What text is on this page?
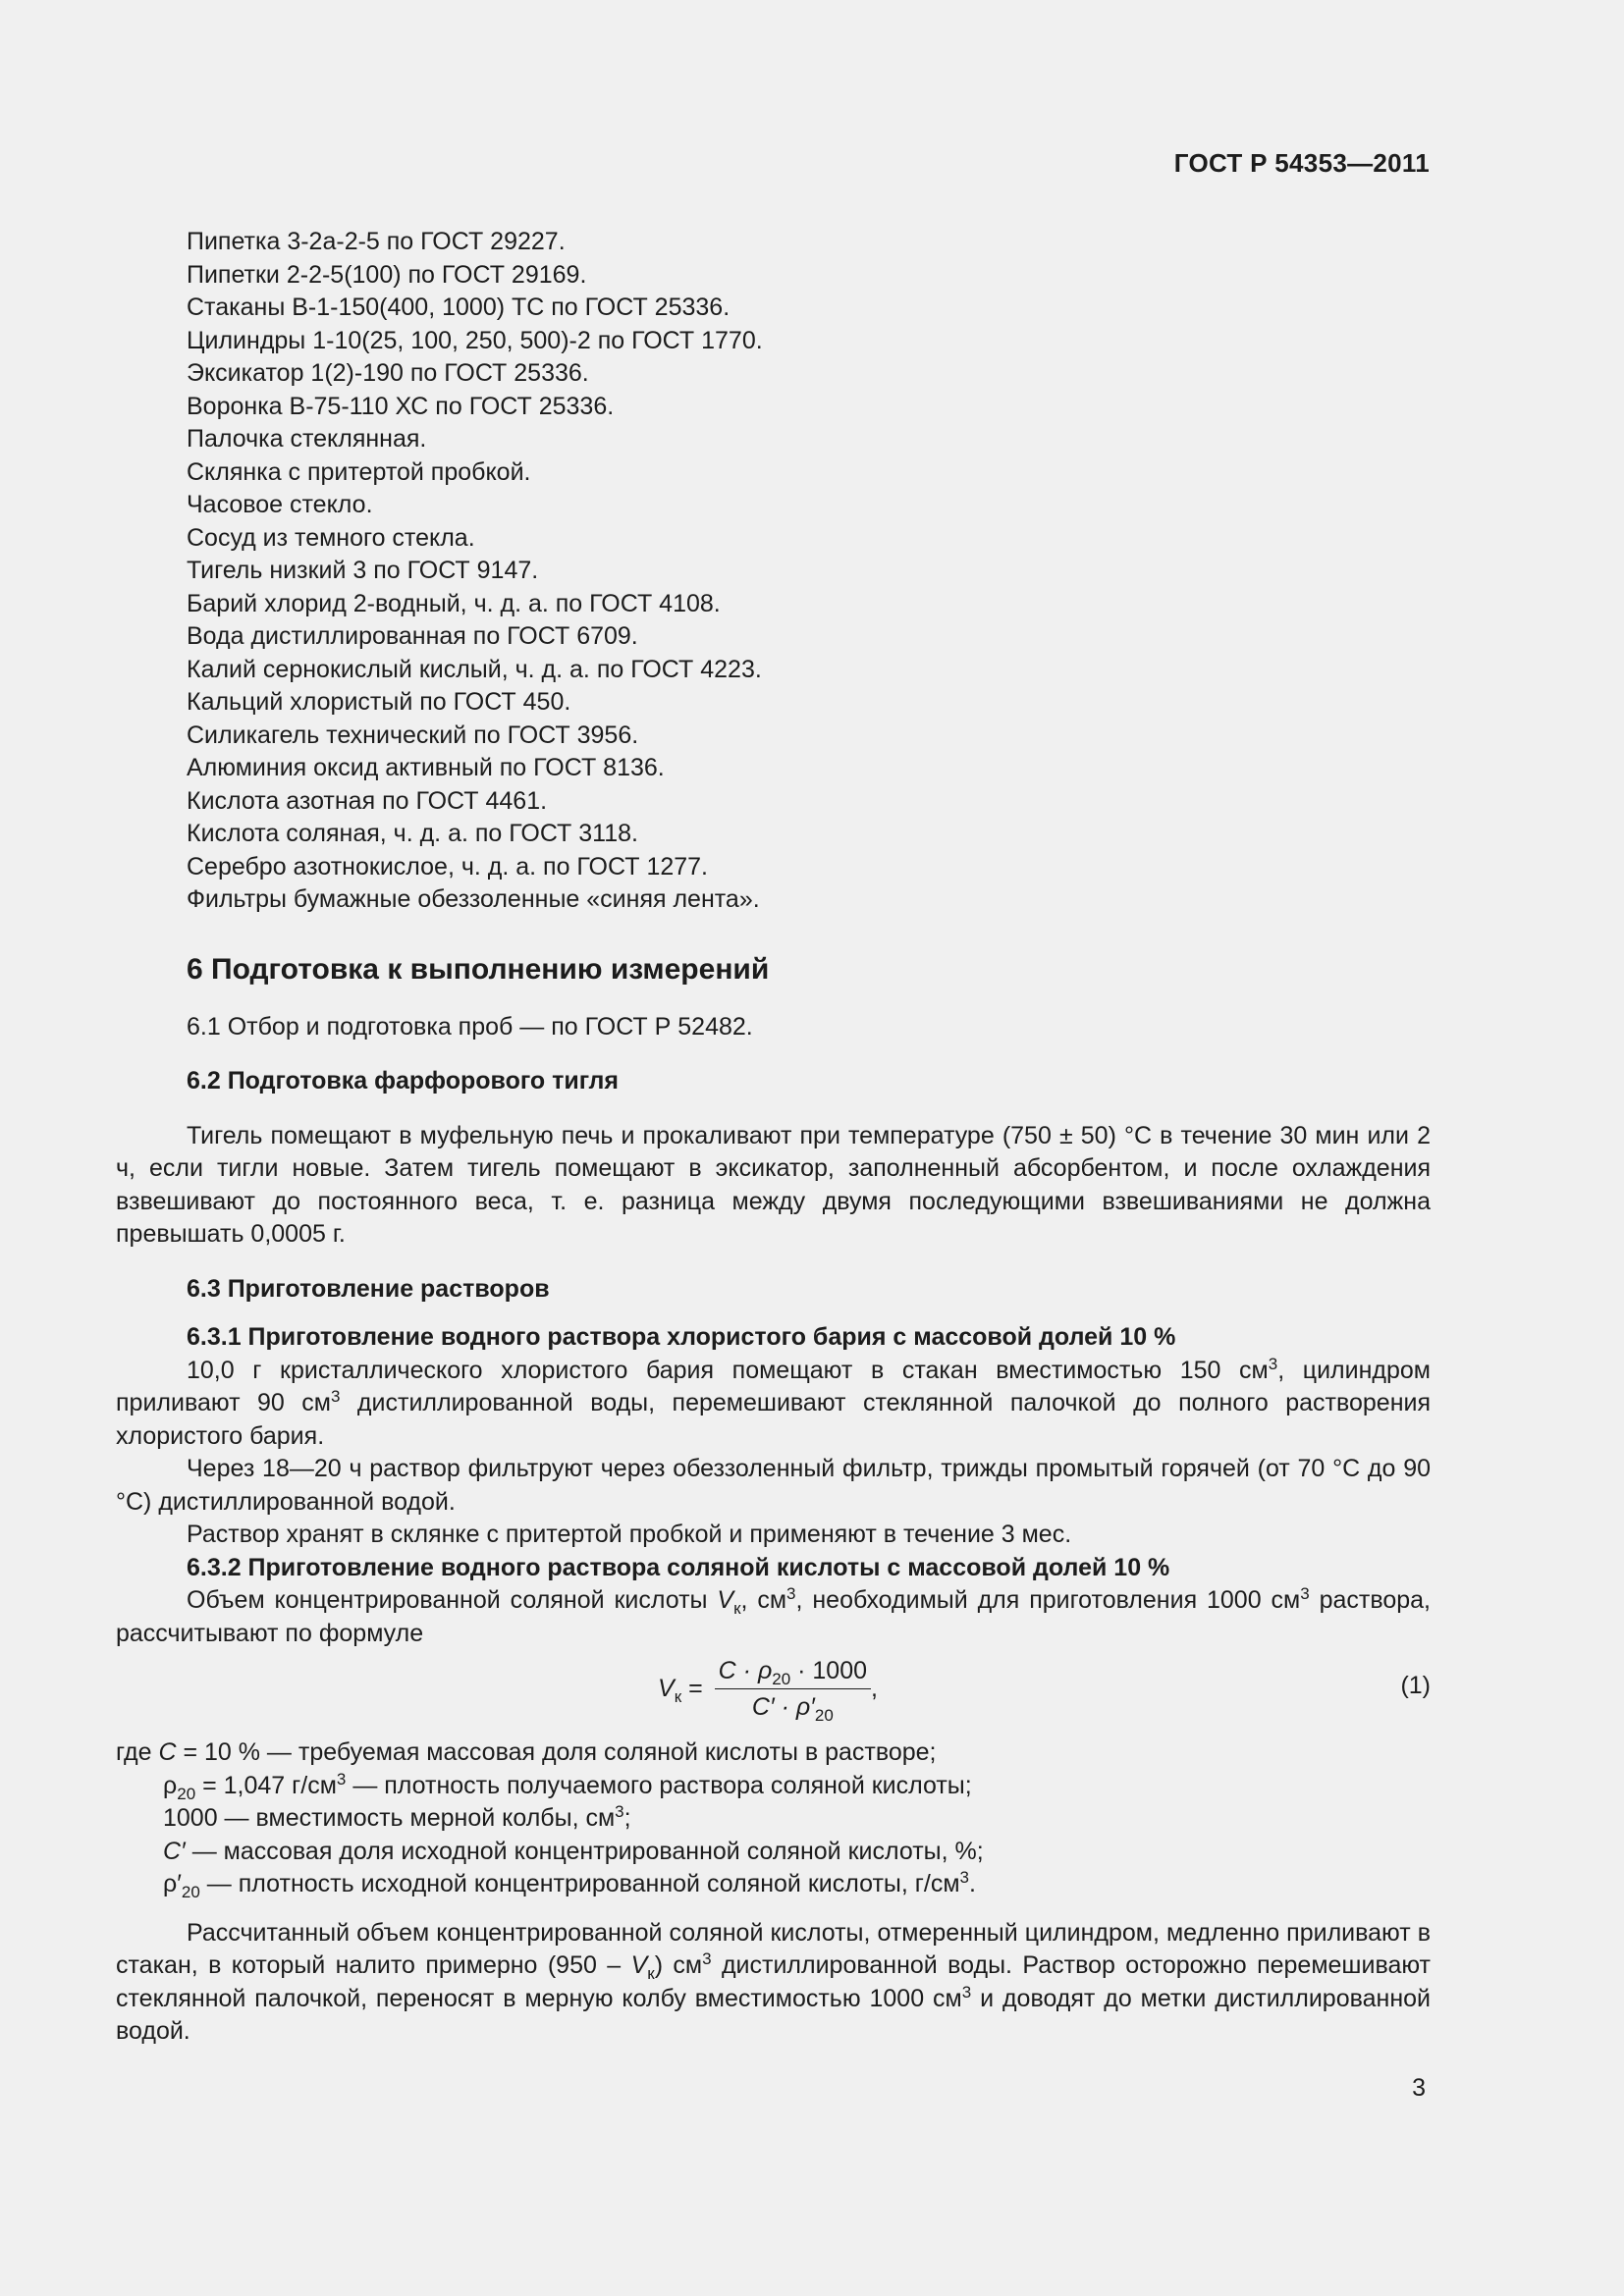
ГОСТ Р 54353—2011
Пипетка 3-2а-2-5 по ГОСТ 29227.
Пипетки 2-2-5(100) по ГОСТ 29169.
Стаканы В-1-150(400, 1000) ТС по ГОСТ 25336.
Цилиндры 1-10(25, 100, 250, 500)-2 по ГОСТ 1770.
Эксикатор 1(2)-190 по ГОСТ 25336.
Воронка В-75-110 ХС по ГОСТ 25336.
Палочка стеклянная.
Склянка с притертой пробкой.
Часовое стекло.
Сосуд из темного стекла.
Тигель низкий 3 по ГОСТ 9147.
Барий хлорид 2-водный, ч. д. а. по ГОСТ 4108.
Вода дистиллированная по ГОСТ 6709.
Калий сернокислый кислый, ч. д. а. по ГОСТ 4223.
Кальций хлористый по ГОСТ 450.
Силикагель технический по ГОСТ 3956.
Алюминия оксид активный по ГОСТ 8136.
Кислота азотная по ГОСТ 4461.
Кислота соляная, ч. д. а. по ГОСТ 3118.
Серебро азотнокислое, ч. д. а. по ГОСТ 1277.
Фильтры бумажные обеззоленные «синяя лента».
6 Подготовка к выполнению измерений

6.1 Отбор и подготовка проб — по ГОСТ Р 52482.

6.2 Подготовка фарфорового тигля

Тигель помещают в муфельную печь и прокаливают при температуре (750 ± 50) °С в течение 30 мин или 2 ч, если тигли новые. Затем тигель помещают в эксикатор, заполненный абсорбентом, и после охлаждения взвешивают до постоянного веса, т. е. разница между двумя последующими взвешиваниями не должна превышать 0,0005 г.

6.3 Приготовление растворов

6.3.1 Приготовление водного раствора хлористого бария с массовой долей 10 %

10,0 г кристаллического хлористого бария помещают в стакан вместимостью 150 $см^3$, цилиндром приливают 90 $см^3$ дистиллированной воды, перемешивают стеклянной палочкой до полного растворения хлористого бария.

Через 18—20 ч раствор фильтруют через обеззоленный фильтр, трижды промытый горячей (от 70 °С до 90 °С) дистиллированной водой.

Раствор хранят в склянке с притертой пробкой и применяют в течение 3 мес.

6.3.2 Приготовление водного раствора соляной кислоты с массовой долей 10 %

Объем концентрированной соляной кислоты $V_к$, $см^3$, необходимый для приготовления 1000 $см^3$ раствора, рассчитывают по формуле

$V_к = \frac{C \cdot \rho_{20} \cdot 1000}{C' \cdot \rho'_{20}}$ ,	(1)

где С = 10 % — требуемая массовая доля соляной кислоты в растворе;

$\rho_{20} = 1,047$ $г/см^3$ — плотность получаемого раствора соляной кислоты;

1000 — вместимость мерной колбы, $см^3$;

С′ — массовая доля исходной концентрированной соляной кислоты, %;

$\rho'_{20}$ — плотность исходной концентрированной соляной кислоты, $г/см^3$.

Рассчитанный объем концентрированной соляной кислоты, отмеренный цилиндром, медленно приливают в стакан, в который налито примерно $(950 - V_к)$ $см^3$ дистиллированной воды. Раствор осторожно перемешивают стеклянной палочкой, переносят в мерную колбу вместимостью 1000 $см^3$ и доводят до метки дистиллированной водой.

3
